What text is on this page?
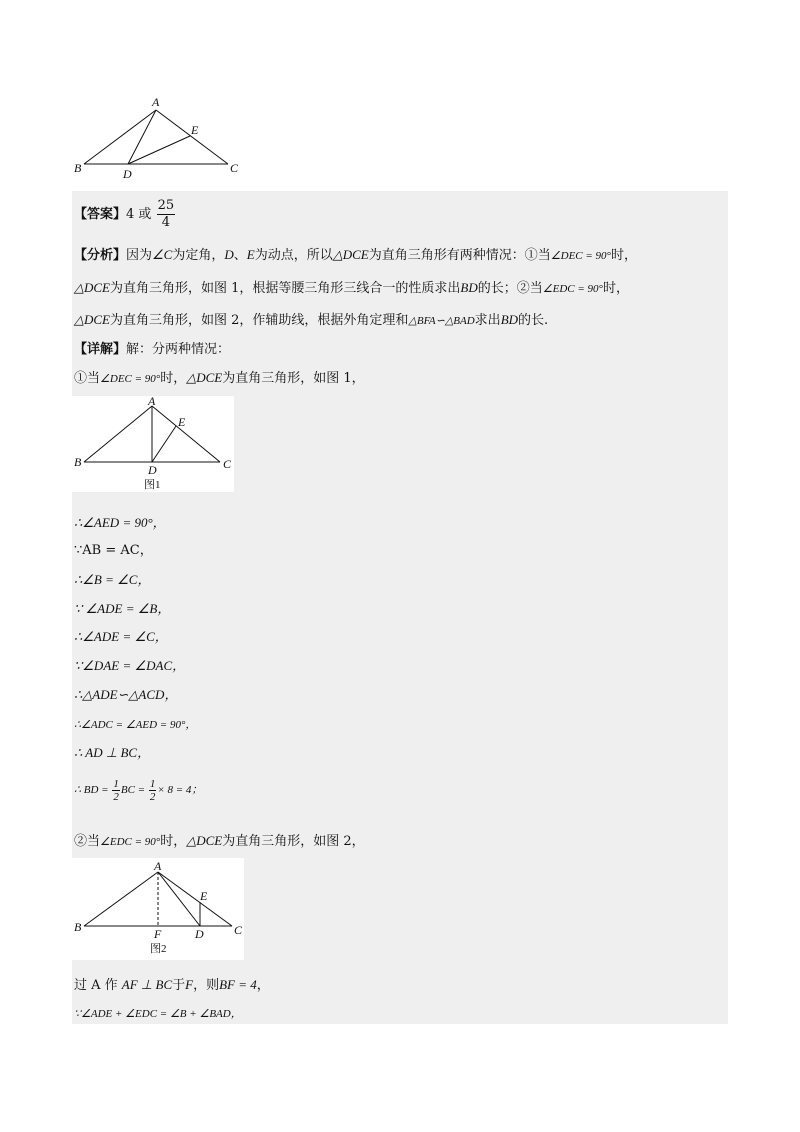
A
B	C
D
E
【答案】4 或 $\frac{25}{4}$
【分析】因为∠C为定角，D、E为动点，所以△DCE为直角三角形有两种情况：①当∠DEC = 90°时，
△DCE为直角三角形，如图 1，根据等腰三角形三线合一的性质求出BD的长；②当∠EDC = 90°时，
△DCE为直角三角形，如图 2，作辅助线，根据外角定理和△BFA∽△BAD求出BD的长.
【详解】解：分两种情况：
①当∠DEC = 90°时，△DCE为直角三角形，如图 1，
A
B	C
D
E
图1
∴∠AED = 90°，
∵AB = AC，
∴∠B = ∠C，
∵ ∠ADE = ∠B，
∴∠ADE = ∠C，
∵∠DAE = ∠DAC，
∴△ADE∽△ACD，
∴∠ADC = ∠AED = 90°，
∴ AD ⊥ BC，
∴ BD = $\frac{1}{2}$ BC = $\frac{1}{2} \times 8 = 4$；
②当∠EDC = 90°时，△DCE为直角三角形，如图 2，
A
B	C
D
E
F
图2
过 A 作 AF ⊥ BC于F，则BF = 4，
∵∠ADE + ∠EDC = ∠B + ∠BAD，
